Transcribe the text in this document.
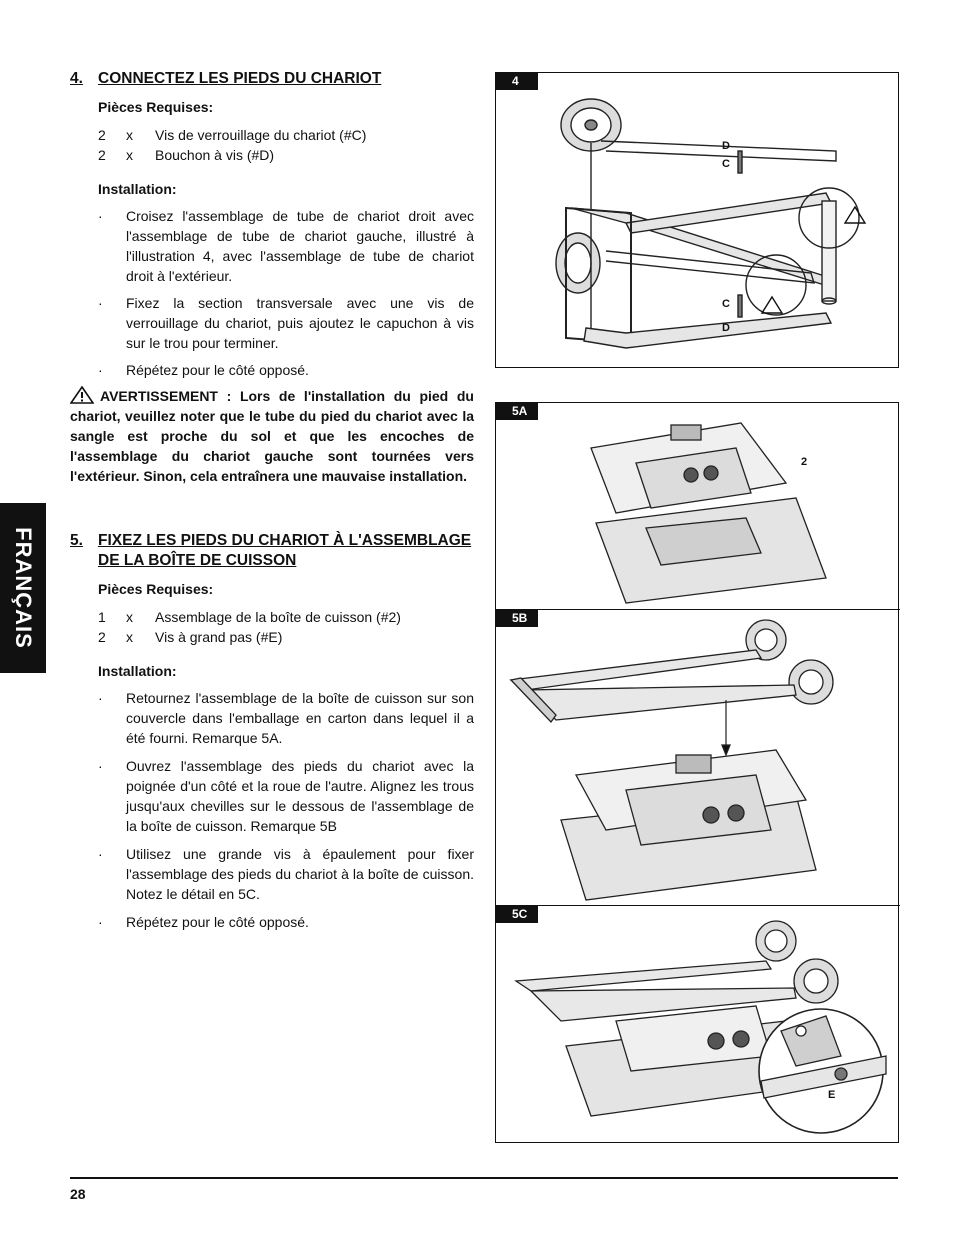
FRANÇAIS
4. CONNECTEZ LES PIEDS DU CHARIOT
Pièces Requises:
2	x	Vis de verrouillage du chariot (#C)
2	x	Bouchon à vis (#D)
Installation:
·	Croisez l'assemblage de tube de chariot droit avec l'assemblage de tube de chariot gauche, illustré à l'illustration 4, avec l'assemblage de tube de chariot droit à l'extérieur.
·	Fixez la section transversale avec une vis de verrouillage du chariot, puis ajoutez le capuchon à vis sur le trou pour terminer.
·	Répétez pour le côté opposé.
AVERTISSEMENT : Lors de l'installation du pied du chariot, veuillez noter que le tube du pied du chariot avec la sangle est proche du sol et que les encoches de l'assemblage du chariot gauche sont tournées vers l'extérieur. Sinon, cela entraînera une mauvaise installation.
5. FIXEZ LES PIEDS DU CHARIOT À L'ASSEMBLAGE
DE LA BOÎTE DE CUISSON
Pièces Requises:
1	x	Assemblage de la boîte de cuisson (#2)
2	x	Vis à grand pas (#E)
Installation:
·	Retournez l'assemblage de la boîte de cuisson sur son couvercle dans l'emballage en carton dans lequel il a été fourni. Remarque 5A.
·	Ouvrez l'assemblage des pieds du chariot avec la poignée d'un côté et la roue de l'autre. Alignez les trous jusqu'aux chevilles sur le dessous de l'assemblage de la boîte de cuisson. Remarque 5B
·	Utilisez une grande vis à épaulement pour fixer l'assemblage des pieds du chariot à la boîte de cuisson. Notez le détail en 5C.
·	Répétez pour le côté opposé.
D
C
C
D
4
2
5A
5B
E
5C
28
